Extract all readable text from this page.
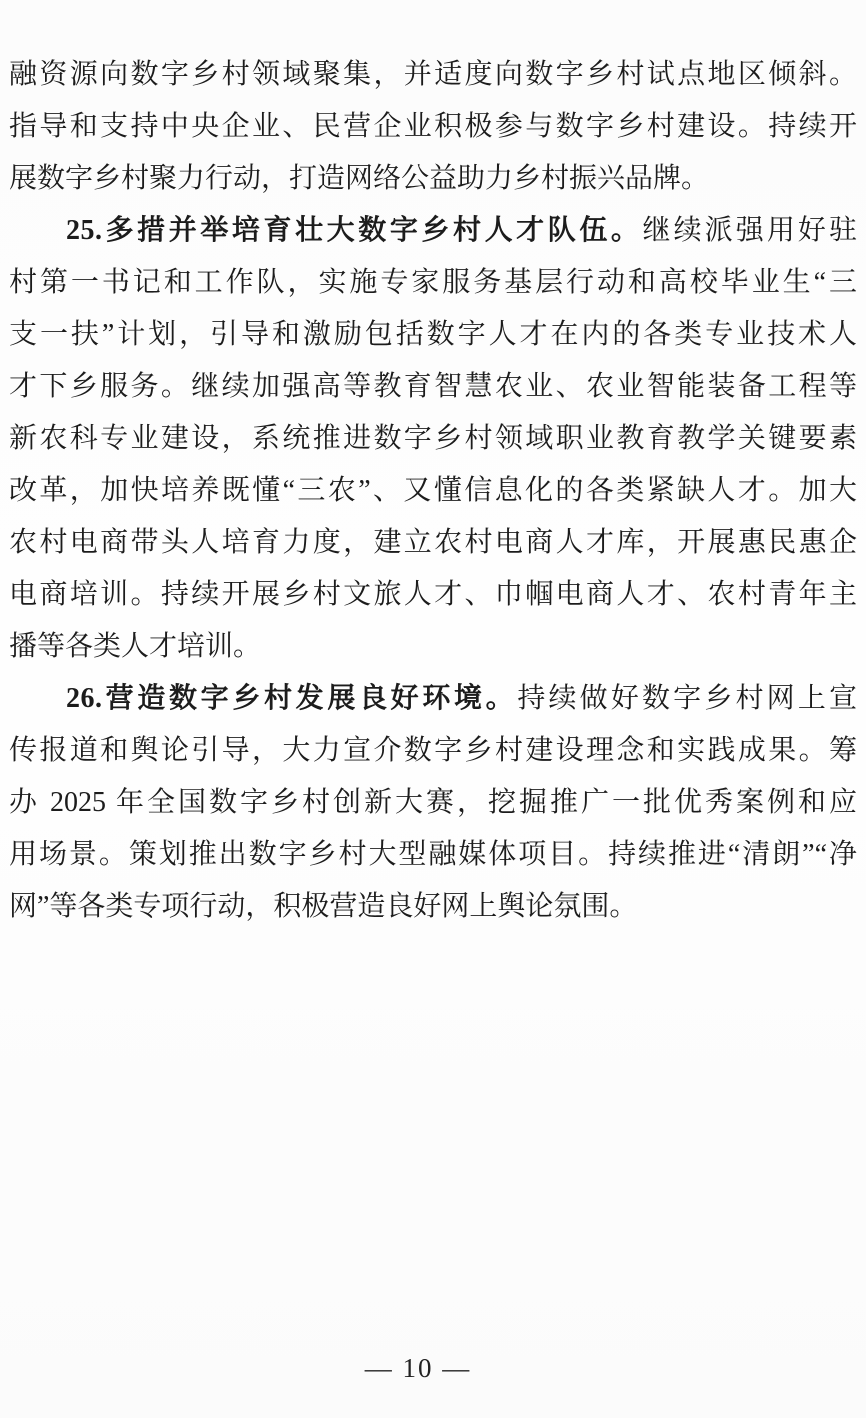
融资源向数字乡村领域聚集，并适度向数字乡村试点地区倾斜。
指导和支持中央企业、民营企业积极参与数字乡村建设。持续开
展数字乡村聚力行动，打造网络公益助力乡村振兴品牌。
25.多措并举培育壮大数字乡村人才队伍。继续派强用好驻
村第一书记和工作队，实施专家服务基层行动和高校毕业生“三
支一扶”计划，引导和激励包括数字人才在内的各类专业技术人
才下乡服务。继续加强高等教育智慧农业、农业智能装备工程等
新农科专业建设，系统推进数字乡村领域职业教育教学关键要素
改革，加快培养既懂“三农”、又懂信息化的各类紧缺人才。加大
农村电商带头人培育力度，建立农村电商人才库，开展惠民惠企
电商培训。持续开展乡村文旅人才、巾帼电商人才、农村青年主
播等各类人才培训。
26.营造数字乡村发展良好环境。持续做好数字乡村网上宣
传报道和舆论引导，大力宣介数字乡村建设理念和实践成果。筹
办 2025 年全国数字乡村创新大赛，挖掘推广一批优秀案例和应
用场景。策划推出数字乡村大型融媒体项目。持续推进“清朗”“净
网”等各类专项行动，积极营造良好网上舆论氛围。
— 10 —
